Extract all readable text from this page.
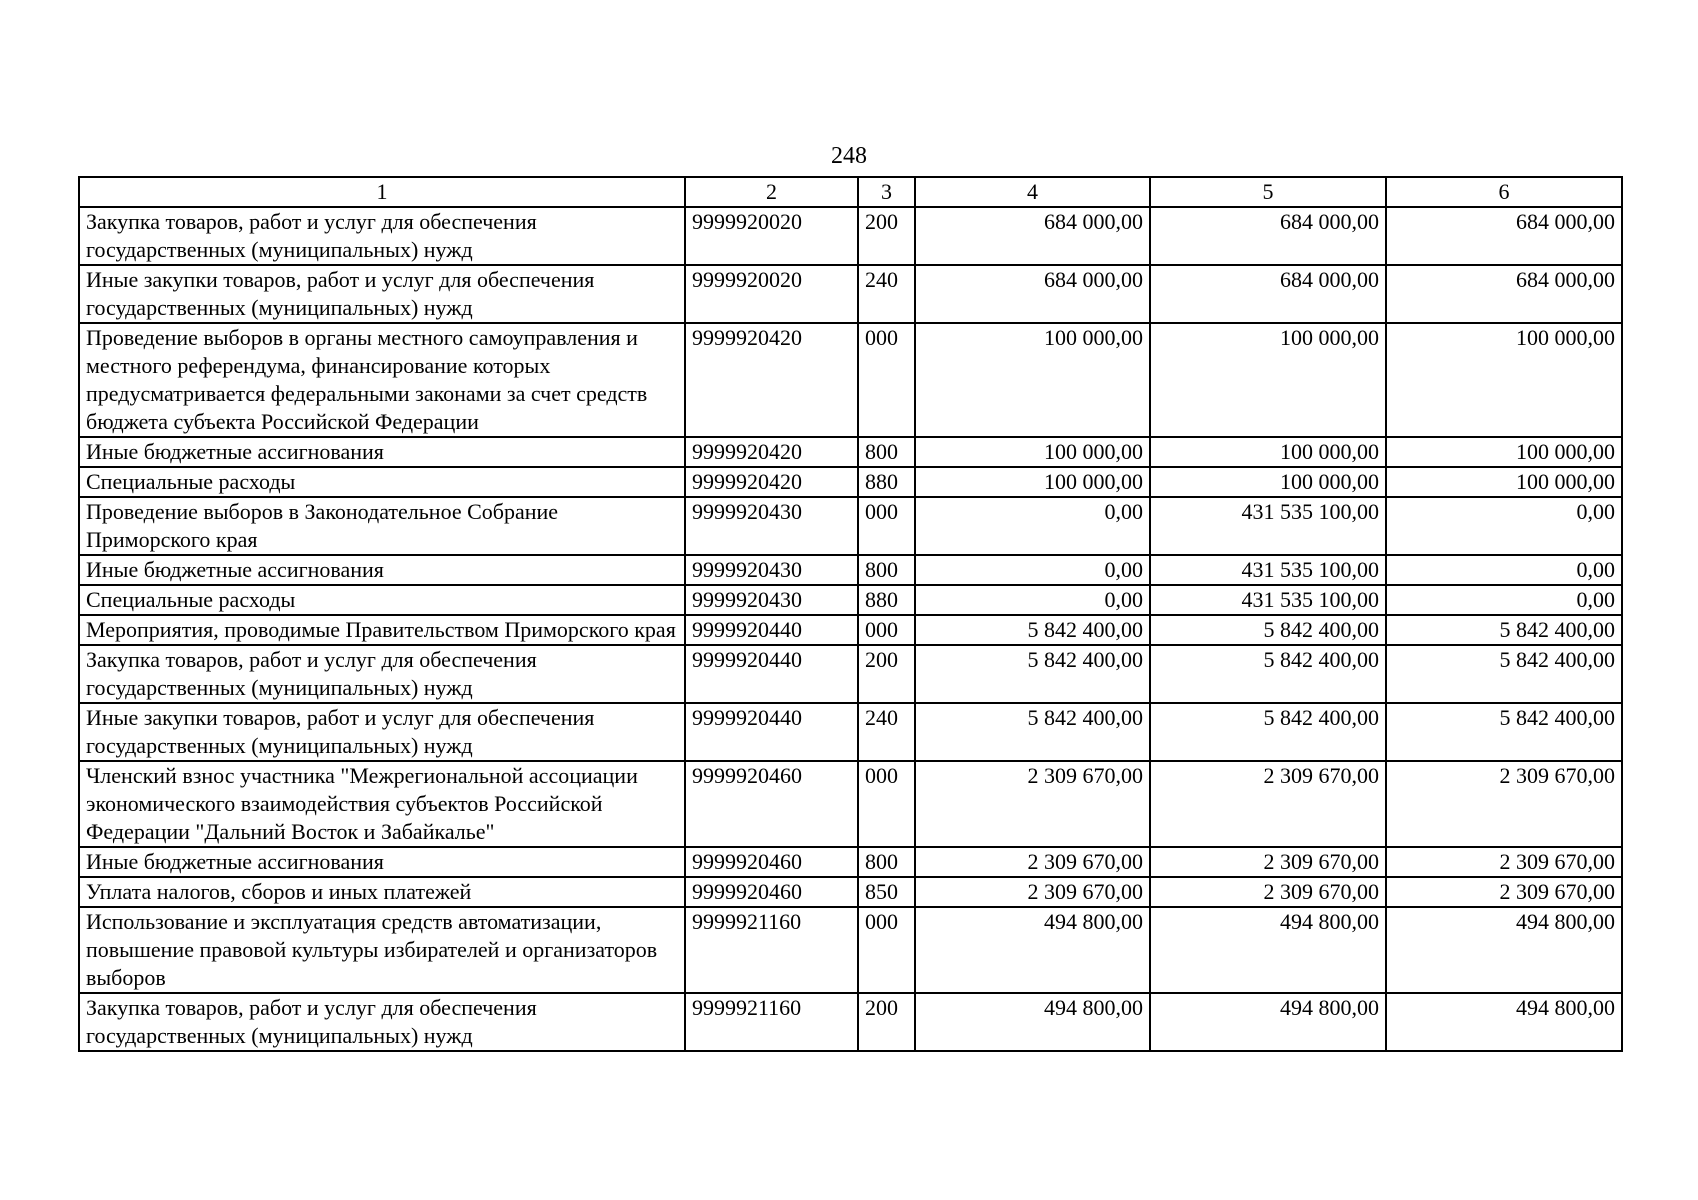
248
1	2	3	4	5	6
Закупка товаров, работ и услуг для обеспечения государственных (муниципальных) нужд	9999920020	200	684 000,00	684 000,00	684 000,00
Иные закупки товаров, работ и услуг для обеспечения государственных (муниципальных) нужд	9999920020	240	684 000,00	684 000,00	684 000,00
Проведение выборов в органы местного самоуправления и местного референдума, финансирование которых предусматривается федеральными законами за счет средств бюджета субъекта Российской Федерации	9999920420	000	100 000,00	100 000,00	100 000,00
Иные бюджетные ассигнования	9999920420	800	100 000,00	100 000,00	100 000,00
Специальные расходы	9999920420	880	100 000,00	100 000,00	100 000,00
Проведение выборов в Законодательное Собрание Приморского края	9999920430	000	0,00	431 535 100,00	0,00
Иные бюджетные ассигнования	9999920430	800	0,00	431 535 100,00	0,00
Специальные расходы	9999920430	880	0,00	431 535 100,00	0,00
Мероприятия, проводимые Правительством Приморского края	9999920440	000	5 842 400,00	5 842 400,00	5 842 400,00
Закупка товаров, работ и услуг для обеспечения государственных (муниципальных) нужд	9999920440	200	5 842 400,00	5 842 400,00	5 842 400,00
Иные закупки товаров, работ и услуг для обеспечения государственных (муниципальных) нужд	9999920440	240	5 842 400,00	5 842 400,00	5 842 400,00
Членский взнос участника "Межрегиональной ассоциации экономического взаимодействия субъектов Российской Федерации "Дальний Восток и Забайкалье"	9999920460	000	2 309 670,00	2 309 670,00	2 309 670,00
Иные бюджетные ассигнования	9999920460	800	2 309 670,00	2 309 670,00	2 309 670,00
Уплата налогов, сборов и иных платежей	9999920460	850	2 309 670,00	2 309 670,00	2 309 670,00
Использование и эксплуатация средств автоматизации, повышение правовой культуры избирателей и организаторов выборов	9999921160	000	494 800,00	494 800,00	494 800,00
Закупка товаров, работ и услуг для обеспечения государственных (муниципальных) нужд	9999921160	200	494 800,00	494 800,00	494 800,00
